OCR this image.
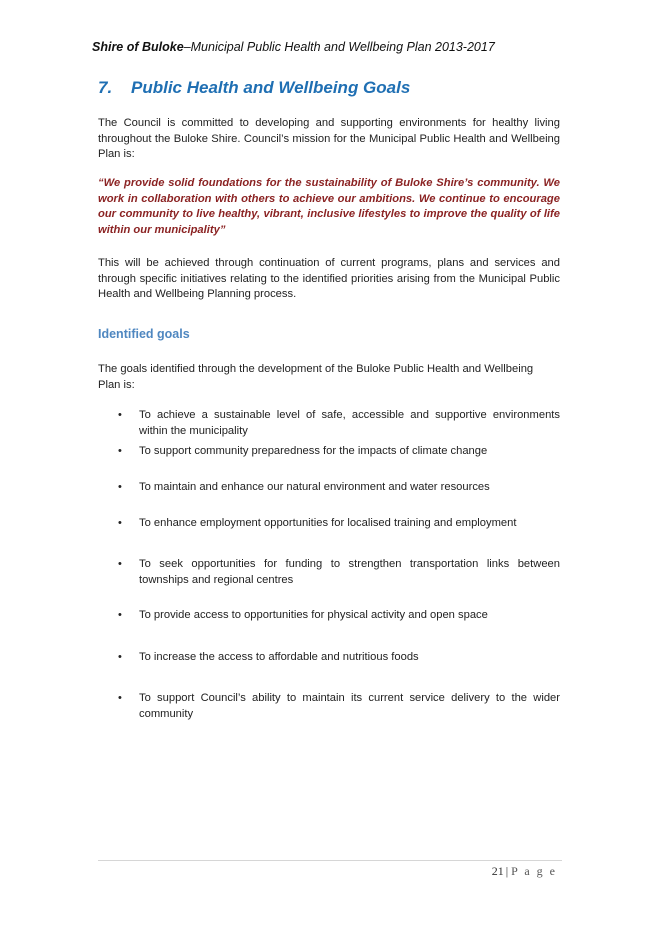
Shire of Buloke–Municipal Public Health and Wellbeing Plan 2013-2017
7. Public Health and Wellbeing Goals

The Council is committed to developing and supporting environments for healthy living throughout the Buloke Shire. Council’s mission for the Municipal Public Health and Wellbeing Plan is:

“We provide solid foundations for the sustainability of Buloke Shire’s community. We work in collaboration with others to achieve our ambitions. We continue to encourage our community to live healthy, vibrant, inclusive lifestyles to improve the quality of life within our municipality”

This will be achieved through continuation of current programs, plans and services and through specific initiatives relating to the identified priorities arising from the Municipal Public Health and Wellbeing Planning process.

Identified goals

The goals identified through the development of the Buloke Public Health and Wellbeing Plan is:

•	To achieve a sustainable level of safe, accessible and supportive environments within the municipality
•	To support community preparedness for the impacts of climate change
•	To maintain and enhance our natural environment and water resources
•	To enhance employment opportunities for localised training and employment
•	To seek opportunities for funding to strengthen transportation links between townships and regional centres
•	To provide access to opportunities for physical activity and open space
•	To increase the access to affordable and nutritious foods
•	To support Council’s ability to maintain its current service delivery to the wider community
21 | P a g e
